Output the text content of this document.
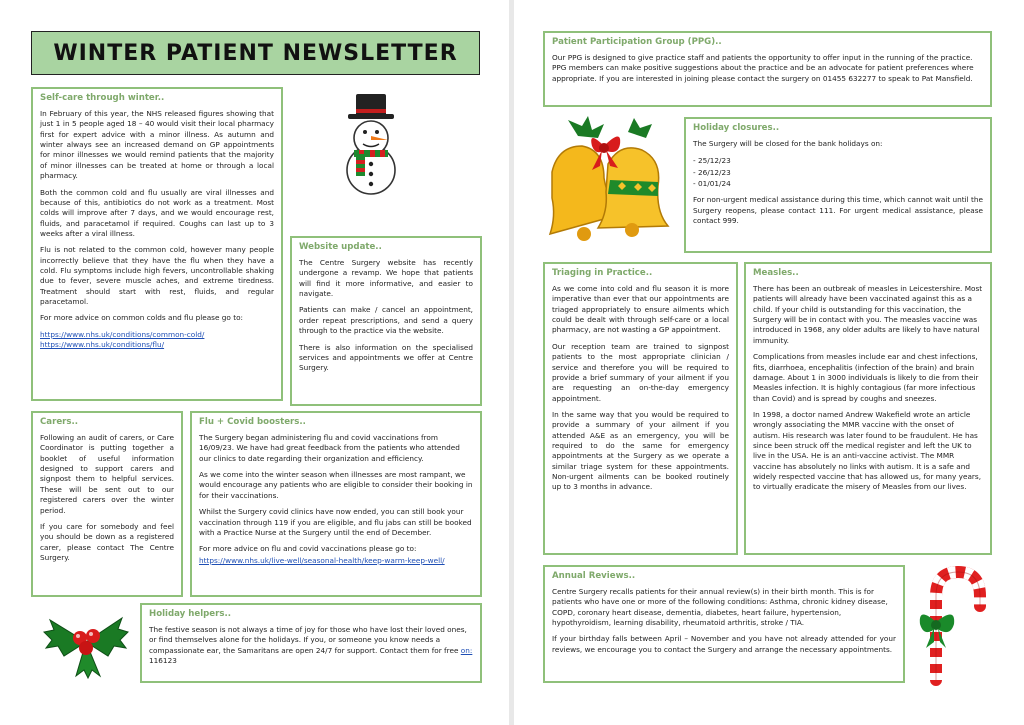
WINTER PATIENT NEWSLETTER
Self-care through winter..

In February of this year, the NHS released figures showing that just 1 in 5 people aged 18 – 40 would visit their local pharmacy first for expert advice with a minor illness. As autumn and winter always see an increased demand on GP appointments for minor illnesses we would remind patients that the majority of minor illnesses can be treated at home or through a local pharmacy.

Both the common cold and flu usually are viral illnesses and because of this, antibiotics do not work as a treatment. Most colds will improve after 7 days, and we would encourage rest, fluids, and paracetamol if required. Coughs can last up to 3 weeks after a viral illness.

Flu is not related to the common cold, however many people incorrectly believe that they have the flu when they have a cold. Flu symptoms include high fevers, uncontrollable shaking due to fever, severe muscle aches, and extreme tiredness. Treatment should start with rest, fluids, and regular paracetamol.

For more advice on common colds and flu please go to:

https://www.nhs.uk/conditions/common-cold/
https://www.nhs.uk/conditions/flu/
Website update..

The Centre Surgery website has recently undergone a revamp. We hope that patients will find it more informative, and easier to navigate.

Patients can make / cancel an appointment, order repeat prescriptions, and send a query through to the practice via the website.

There is also information on the specialised services and appointments we offer at Centre Surgery.

Carers..

Following an audit of carers, or Care Coordinator is putting together a booklet of useful information designed to support carers and signpost them to helpful services. These will be sent out to our registered carers over the winter period.

If you care for somebody and feel you should be down as a registered carer, please contact The Centre Surgery.

Flu + Covid boosters..

The Surgery began administering flu and covid vaccinations from 16/09/23. We have had great feedback from the patients who attended our clinics to date regarding their organization and efficiency.

As we come into the winter season when illnesses are most rampant, we would encourage any patients who are eligible to consider their booking in for their vaccinations.

Whilst the Surgery covid clinics have now ended, you can still book your vaccination through 119 if you are eligible, and flu jabs can still be booked with a Practice Nurse at the Surgery until the end of December.

For more advice on flu and covid vaccinations please go to:

https://www.nhs.uk/live-well/seasonal-health/keep-warm-keep-well/
Holiday helpers..

The festive season is not always a time of joy for those who have lost their loved ones, or find themselves alone for the holidays. If you, or someone you know needs a compassionate ear, the Samaritans are open 24/7 for support. Contact them for free on: 116123

Patient Participation Group (PPG)..

Our PPG is designed to give practice staff and patients the opportunity to offer input in the running of the practice. PPG members can make positive suggestions about the practice and be an advocate for patient preferences where appropriate. If you are interested in joining please contact the surgery on 01455 632277 to speak to Pat Mansfield.

Holiday closures..

The Surgery will be closed for the bank holidays on:

- 25/12/23
- 26/12/23
- 01/01/24

For non-urgent medical assistance during this time, which cannot wait until the Surgery reopens, please contact 111. For urgent medical assistance, please contact 999.

Triaging in Practice..

As we come into cold and flu season it is more imperative than ever that our appointments are triaged appropriately to ensure ailments which could be dealt with through self-care or a local pharmacy, are not wasting a GP appointment.

Our reception team are trained to signpost patients to the most appropriate clinician / service and therefore you will be required to provide a brief summary of your ailment if you are requesting an on-the-day emergency appointment.

In the same way that you would be required to provide a summary of your ailment if you attended A&E as an emergency, you will be required to do the same for emergency appointments at the Surgery as we operate a similar triage system for these appointments. Non-urgent ailments can be booked routinely up to 3 months in advance.

Measles..

There has been an outbreak of measles in Leicestershire. Most patients will already have been vaccinated against this as a child. If your child is outstanding for this vaccination, the Surgery will be in contact with you. The measles vaccine was introduced in 1968, any older adults are likely to have natural immunity.

Complications from measles include ear and chest infections, fits, diarrhoea, encephalitis (infection of the brain) and brain damage. About 1 in 3000 individuals is likely to die from their Measles infection. It is highly contagious (far more infectious than Covid) and is spread by coughs and sneezes.

In 1998, a doctor named Andrew Wakefield wrote an article wrongly associating the MMR vaccine with the onset of autism. His research was later found to be fraudulent. He has since been struck off the medical register and left the UK to live in the USA. He is an anti-vaccine activist. The MMR vaccine has absolutely no links with autism. It is a safe and widely respected vaccine that has allowed us, for many years, to virtually eradicate the misery of Measles from our lives.

Annual Reviews..

Centre Surgery recalls patients for their annual review(s) in their birth month. This is for patients who have one or more of the following conditions: Asthma, chronic kidney disease, COPD, coronary heart disease, dementia, diabetes, heart failure, hypertension, hypothyroidism, learning disability, rheumatoid arthritis, stroke / TIA.

If your birthday falls between April – November and you have not already attended for your reviews, we encourage you to contact the Surgery and arrange the necessary appointments.
